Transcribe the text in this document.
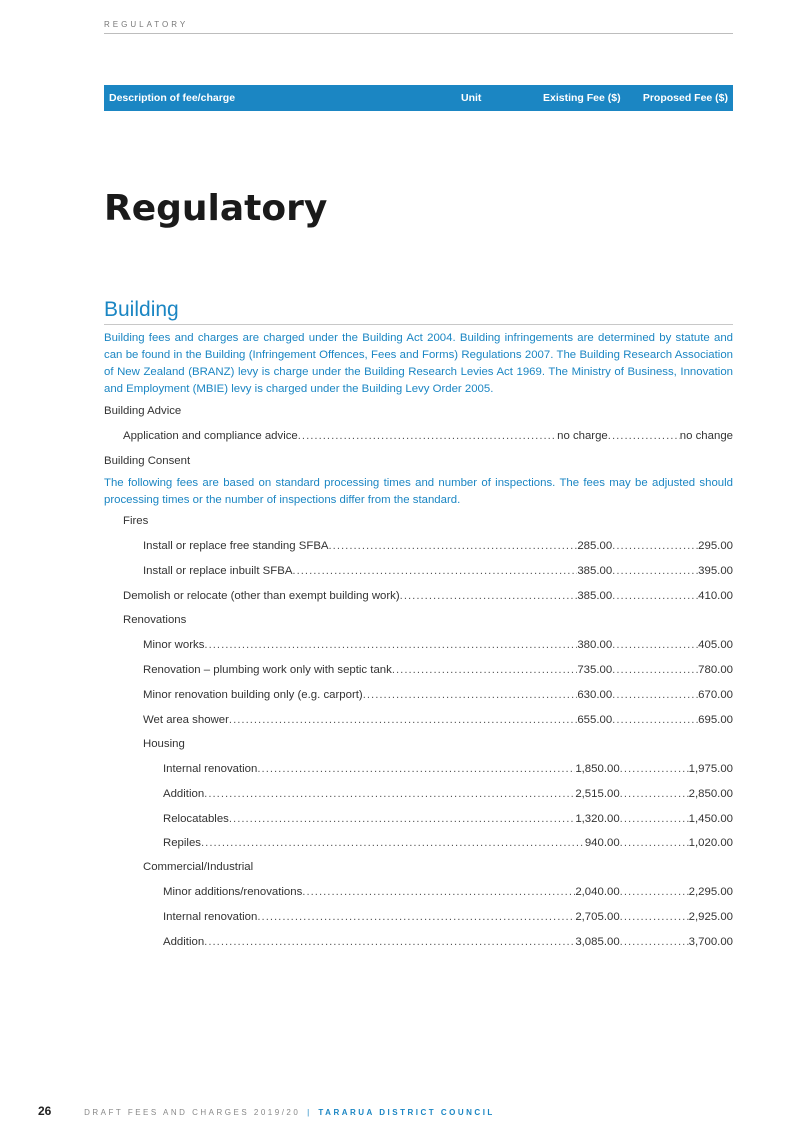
REGULATORY
Description of fee/charge	Unit	Existing Fee ($) Proposed Fee ($)
Regulatory
Building

Building fees and charges are charged under the Building Act 2004. Building infringements are determined by statute and can be found in the Building (Infringement Offences, Fees and Forms) Regulations 2007. The Building Research Association of New Zealand (BRANZ) levy is charge under the Building Research Levies Act 1969. The Ministry of Business, Innovation and Employment (MBIE) levy is charged under the Building Levy Order 2005.

Building Advice
Application and compliance advice .....	no charge .....	no change
Building Consent

The following fees are based on standard processing times and number of inspections. The fees may be adjusted should processing times or the number of inspections differ from the standard.

Fires
Install or replace free standing SFBA .....	285.00 .....	295.00
Install or replace inbuilt SFBA .....	385.00 .....	395.00
Demolish or relocate (other than exempt building work) .....	385.00 .....	410.00
Renovations
Minor works .....	380.00 .....	405.00
Renovation – plumbing work only with septic tank .....	735.00 .....	780.00
Minor renovation building only (e.g. carport) .....	630.00 .....	670.00
Wet area shower .....	655.00 .....	695.00
Housing
Internal renovation .....	1,850.00 .....	1,975.00
Addition .....	2,515.00 .....	2,850.00
Relocatables .....	1,320.00 .....	1,450.00
Repiles .....	940.00 .....	1,020.00
Commercial/Industrial
Minor additions/renovations .....	2,040.00 .....	2,295.00
Internal renovation .....	2,705.00 .....	2,925.00
Addition .....	3,085.00 .....	3,700.00
26	DRAFT FEES AND CHARGES 2019/20 | TARARUA DISTRICT COUNCIL
